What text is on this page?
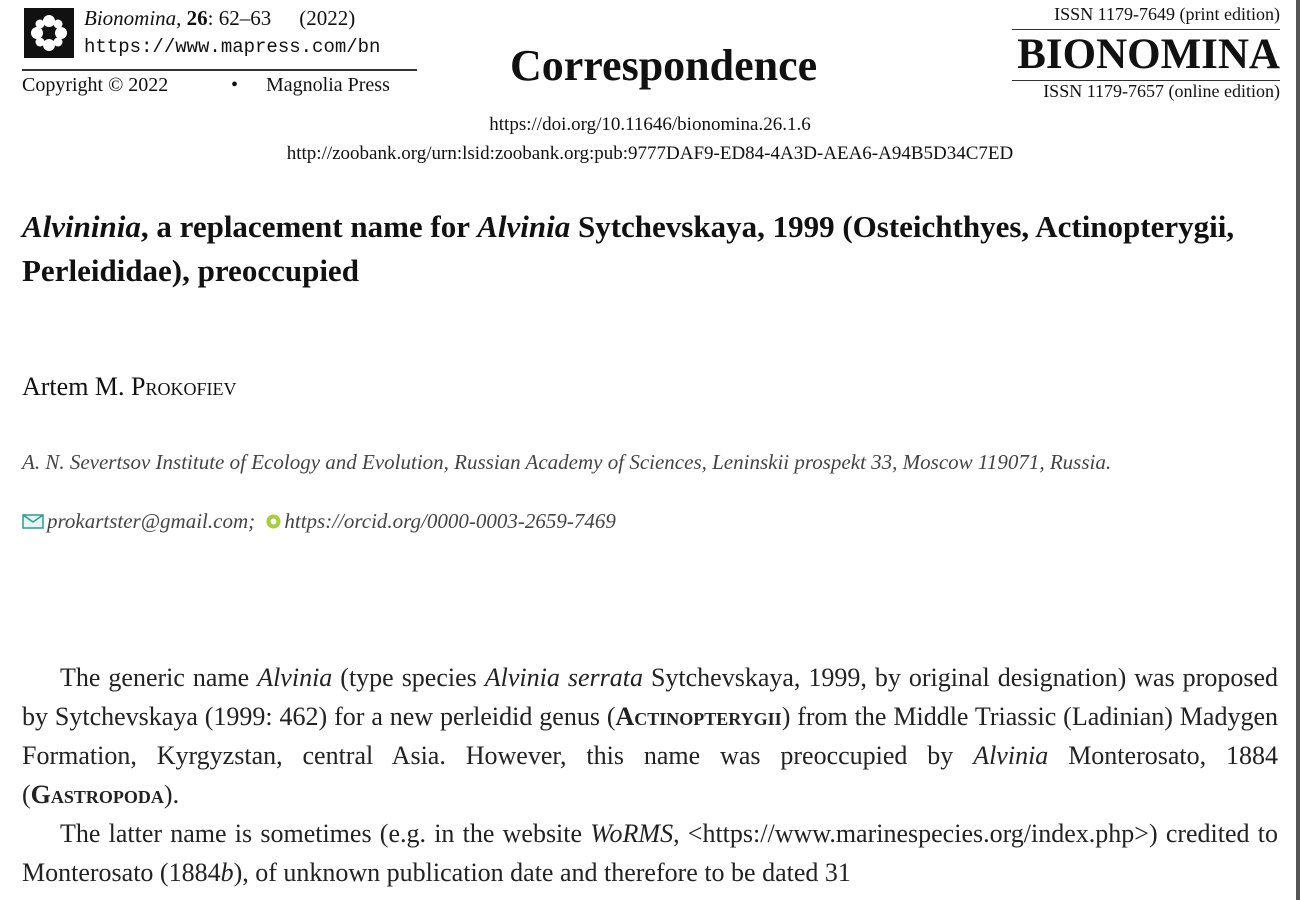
Bionomina, 26: 62–63 (2022)
https://www.mapress.com/bn
Copyright © 2022	• Magnolia Press	Correspondence
ISSN 1179-7649 (print edition)
BIONOMINA
ISSN 1179-7657 (online edition)
https://doi.org/10.11646/bionomina.26.1.6
http://zoobank.org/urn:lsid:zoobank.org:pub:9777DAF9-ED84-4A3D-AEA6-A94B5D34C7ED
Alvininia, a replacement name for Alvinia Sytchevskaya, 1999 (Osteichthyes, Actinopterygii, Perleididae), preoccupied
Artem M. Prokofiev
A. N. Severtsov Institute of Ecology and Evolution, Russian Academy of Sciences, Leninskii prospekt 33, Moscow 119071, Russia.
prokartster@gmail.com; https://orcid.org/0000-0003-2659-7469

The generic name Alvinia (type species Alvinia serrata Sytchevskaya, 1999, by original designation) was proposed by Sytchevskaya (1999: 462) for a new perleidid genus (Actinopterygii) from the Middle Triassic (Ladinian) Madygen Formation, Kyrgyzstan, central Asia. However, this name was preoccupied by Alvinia Monterosato, 1884 (Gastropoda).

The latter name is sometimes (e.g. in the website WoRMS, <https://www.marinespecies.org/index.php>) credited to Monterosato (1884b), of unknown publication date and therefore to be dated 31
